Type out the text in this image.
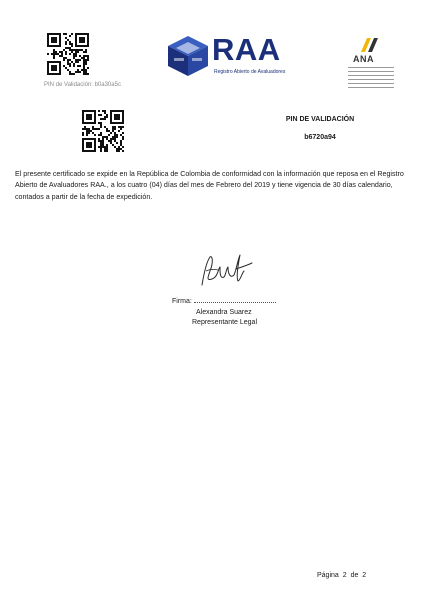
PIN de Validación: b0a30a5c
RAA
Registro Abierto de Avaluadores
ANA
PIN DE VALIDACIÓN
b6720a94
El presente certificado se expide en la República de Colombia de conformidad con la información que reposa en el Registro Abierto de Avaluadores RAA., a los cuatro (04) días del mes de Febrero del 2019 y tiene vigencia de 30 días calendario, contados a partir de la fecha de expedición.
Firma:
Alexandra Suarez
Representante Legal
Página 2 de 2
